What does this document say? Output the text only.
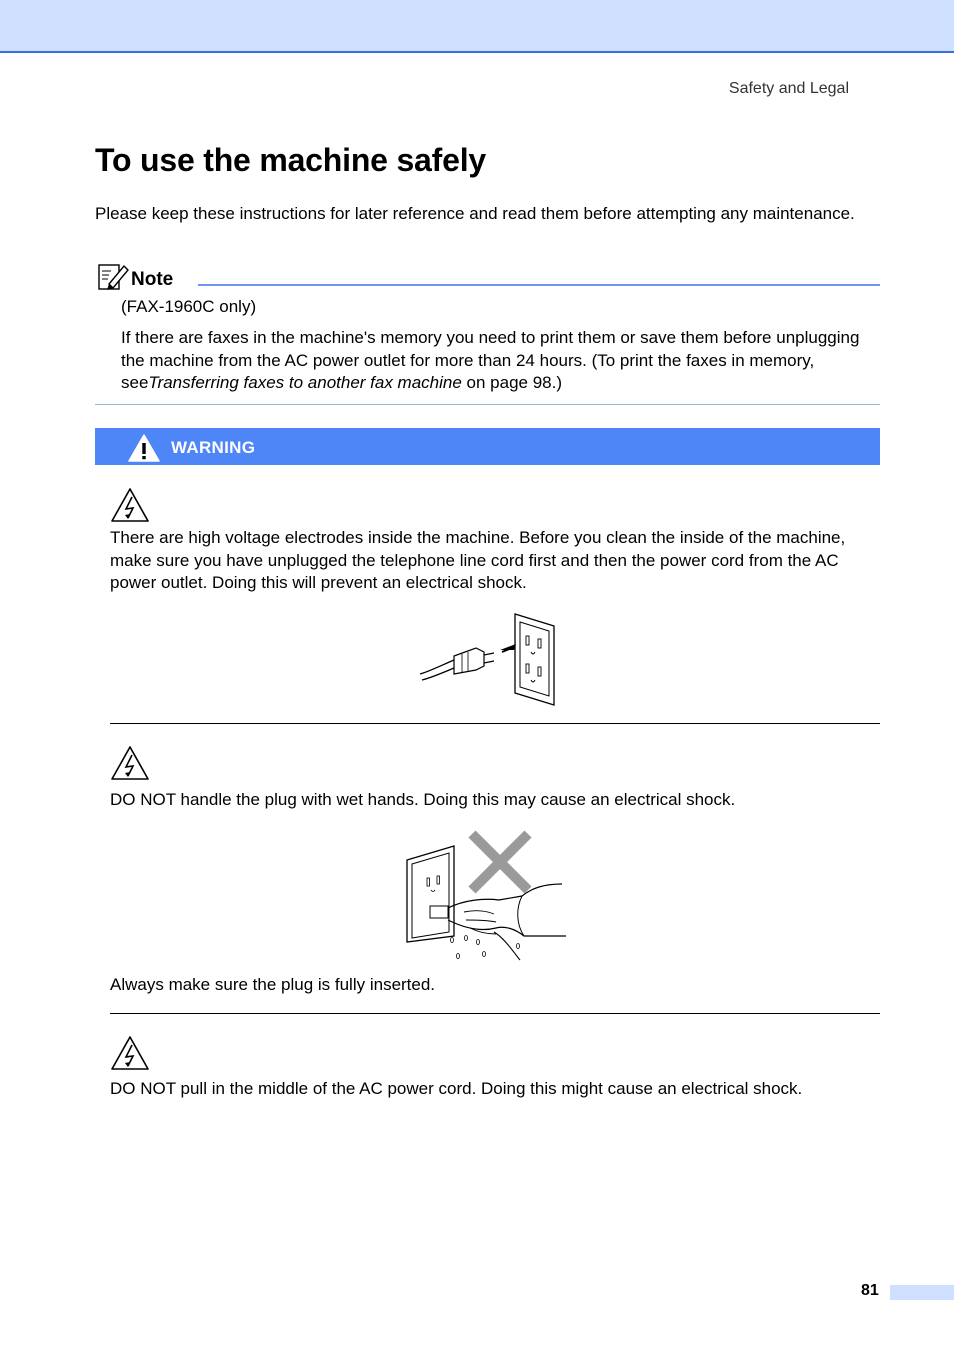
Safety and Legal
To use the machine safely

Please keep these instructions for later reference and read them before attempting any maintenance.

Note

(FAX-1960C only)

If there are faxes in the machine's memory you need to print them or save them before unplugging the machine from the AC power outlet for more than 24 hours. (To print the faxes in memory, seeTransferring faxes to another fax machine on page 98.)

WARNING

There are high voltage electrodes inside the machine. Before you clean the inside of the machine, make sure you have unplugged the telephone line cord first and then the power cord from the AC power outlet. Doing this will prevent an electrical shock.

DO NOT handle the plug with wet hands. Doing this may cause an electrical shock.

Always make sure the plug is fully inserted.

DO NOT pull in the middle of the AC power cord. Doing this might cause an electrical shock.

81
